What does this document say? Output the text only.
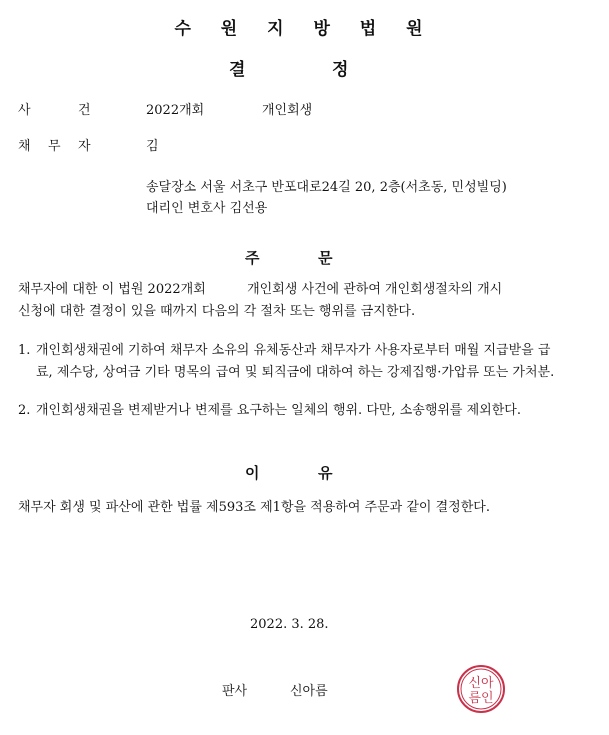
수 원 지 방 법 원
결	정
사	건	2022개회	개인회생
채 무 자	김
송달장소 서울 서초구 반포대로24길 20, 2층(서초동, 민성빌딩)
대리인 변호사 김선용
주	문
채무자에 대한 이 법원 2022개회          개인회생 사건에 관하여 개인회생절차의 개시
신청에 대한 결정이 있을 때까지 다음의 각 절차 또는 행위를 금지한다.
1. 개인회생채권에 기하여 채무자 소유의 유체동산과 채무자가 사용자로부터 매월 지급받을 급료, 제수당, 상여금 기타 명목의 급여 및 퇴직금에 대하여 하는 강제집행·가압류 또는 가처분.
2. 개인회생채권을 변제받거나 변제를 요구하는 일체의 행위. 다만, 소송행위를 제외한다.
이	유
채무자 회생 및 파산에 관한 법률 제593조 제1항을 적용하여 주문과 같이 결정한다.
2022. 3. 28.
판사	신아름
신아
름인
